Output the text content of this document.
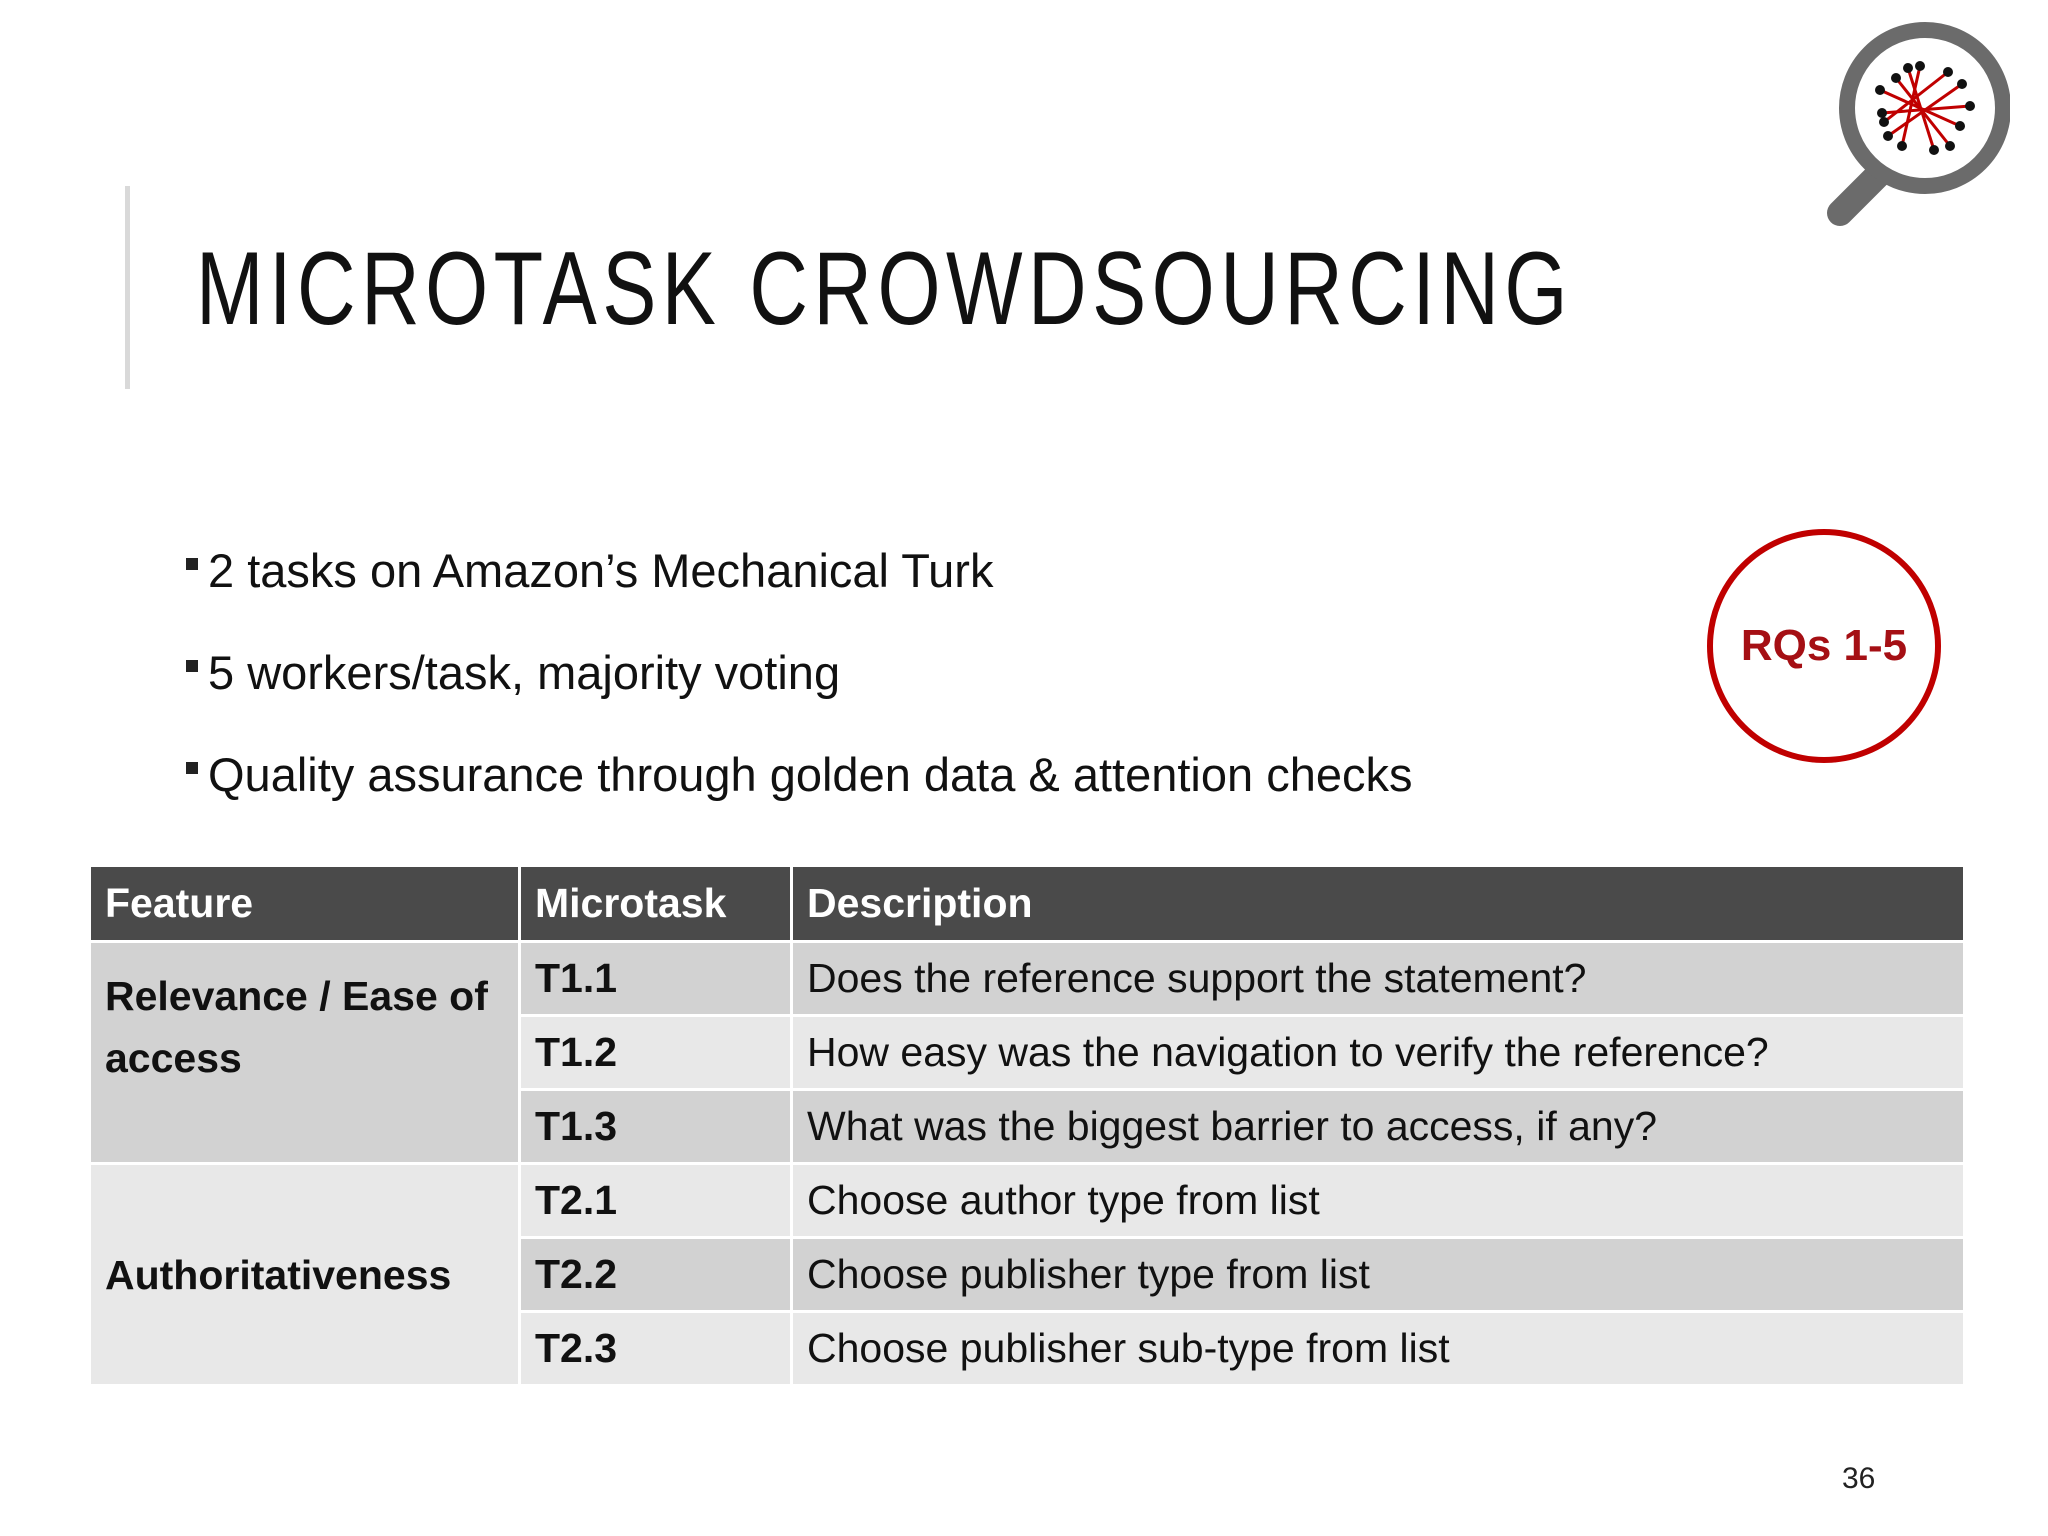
MICROTASK CROWDSOURCING
2 tasks on Amazon’s Mechanical Turk
5 workers/task, majority voting
Quality assurance through golden data & attention checks
RQs 1-5
Feature	Microtask	Description
Relevance / Ease of access	T1.1	Does the reference support the statement?
	T1.2	How easy was the navigation to verify the reference?
	T1.3	What was the biggest barrier to access, if any?
Authoritativeness	T2.1	Choose author type from list
	T2.2	Choose publisher type from list
	T2.3	Choose publisher sub-type from list
36
